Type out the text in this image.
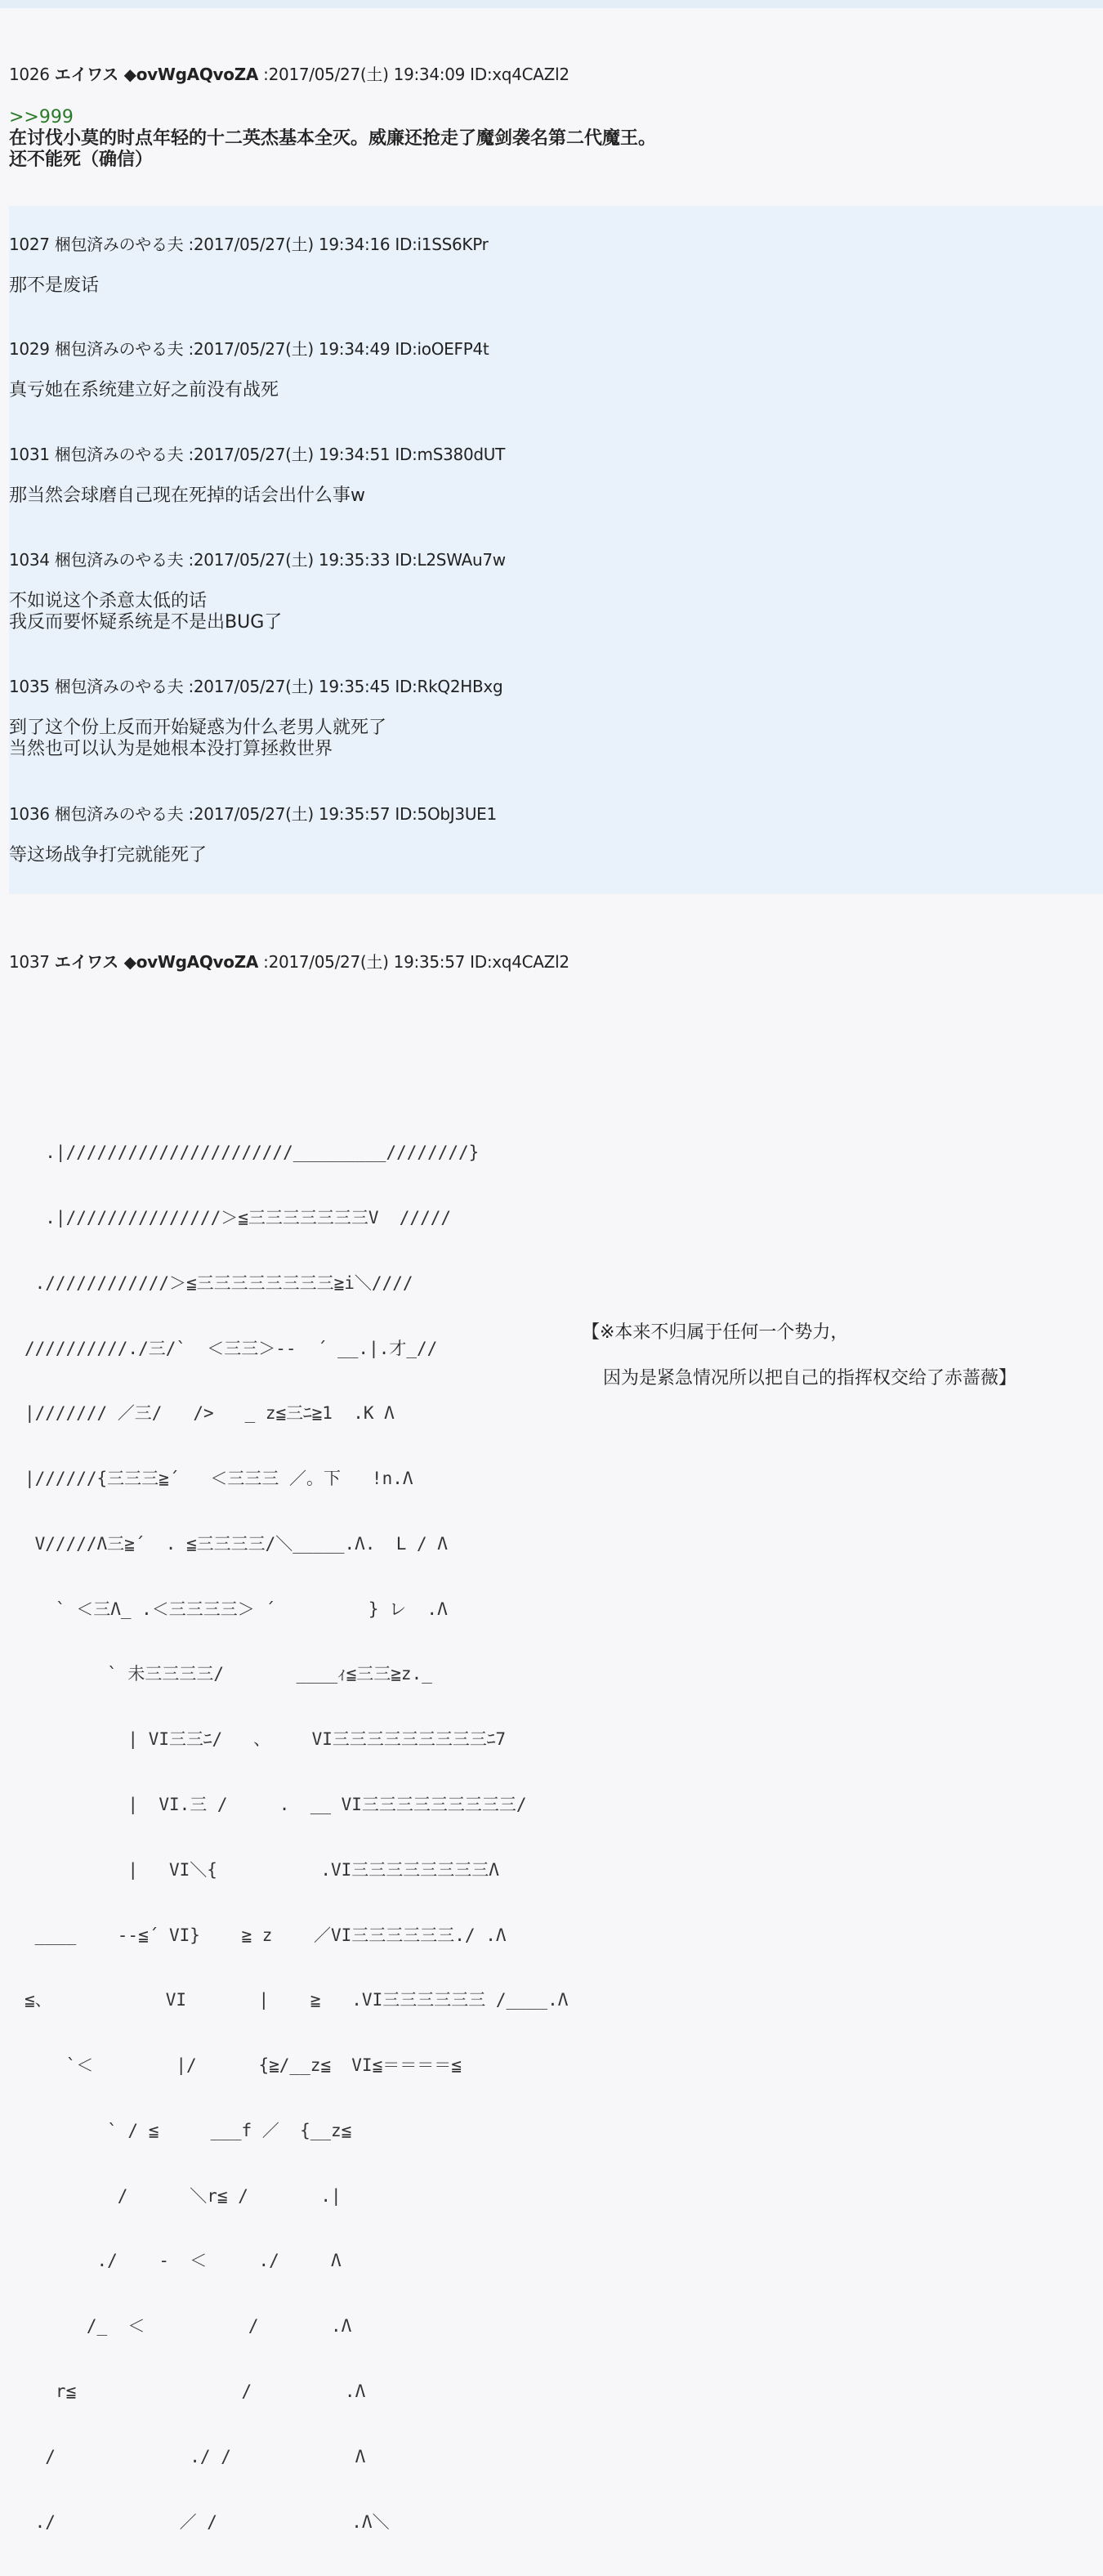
1026 エイワス ◆ovWgAQvoZA :2017/05/27(土) 19:34:09 ID:xq4CAZl2
>>999
在讨伐小莫的时点年轻的十二英杰基本全灭。威廉还抢走了魔剑袭名第二代魔王。
还不能死（确信）
1027 梱包済みのやる夫 :2017/05/27(土) 19:34:16 ID:i1SS6KPr
那不是废话
1029 梱包済みのやる夫 :2017/05/27(土) 19:34:49 ID:ioOEFP4t
真亏她在系统建立好之前没有战死
1031 梱包済みのやる夫 :2017/05/27(土) 19:34:51 ID:mS380dUT
那当然会球磨自己现在死掉的话会出什么事w
1034 梱包済みのやる夫 :2017/05/27(土) 19:35:33 ID:L2SWAu7w
不如说这个杀意太低的话
我反而要怀疑系统是不是出BUG了
1035 梱包済みのやる夫 :2017/05/27(土) 19:35:45 ID:RkQ2HBxg
到了这个份上反而开始疑惑为什么老男人就死了
当然也可以认为是她根本没打算拯救世界
1036 梱包済みのやる夫 :2017/05/27(土) 19:35:57 ID:5ObJ3UE1
等这场战争打完就能死了
1037 エイワス ◆ovWgAQvoZA :2017/05/27(土) 19:35:57 ID:xq4CAZl2

.|//////////////////////_________////////}

.|///////////////＞≦三三三三三三三V  /////

.////////////＞≦三三三三三三三三≧i＼////

//////////./三/`  ＜三三＞-‐  ´ __.|.才_//

|/////// ／三/   />   _ z≦三ﾆ≧1  .K Λ

|//////{三三三≧´   ＜三三三 ／。下   !n.Λ

V/////Λ三≧´  . ≦三三三三/＼_____.Λ.  L / Λ

` ＜三Λ_ .＜三三三三＞ ´         } レ  .Λ

` 未三三三三/       ____ｨ≦三三≧z._

| VI三三ﾆ/   、    VI三三三三三三三三三ﾆ7

|  VI.三 /     .  __ VI三三三三三三三三三/

|   VI＼{          .VI三三三三三三三三Λ

____    --≦´ VI}    ≧ z    ／VI三三三三三三./ .Λ

≦、           VI       |    ≧   .VI三三三三三三 /____.Λ

`＜        |/      {≧/__z≦  VI≦＝＝＝＝≦

` / ≦     ___f ／  {__z≦

/      ＼r≦ /       .|

./    -  ＜     ./     Λ

/_  ＜          /       .Λ

r≦                /         .Λ

/             ./ /            Λ

./            ／ /             .Λ＼

【※本来不归属于任何一个势力，
因为是紧急情况所以把自己的指挥权交给了赤蔷薇】
